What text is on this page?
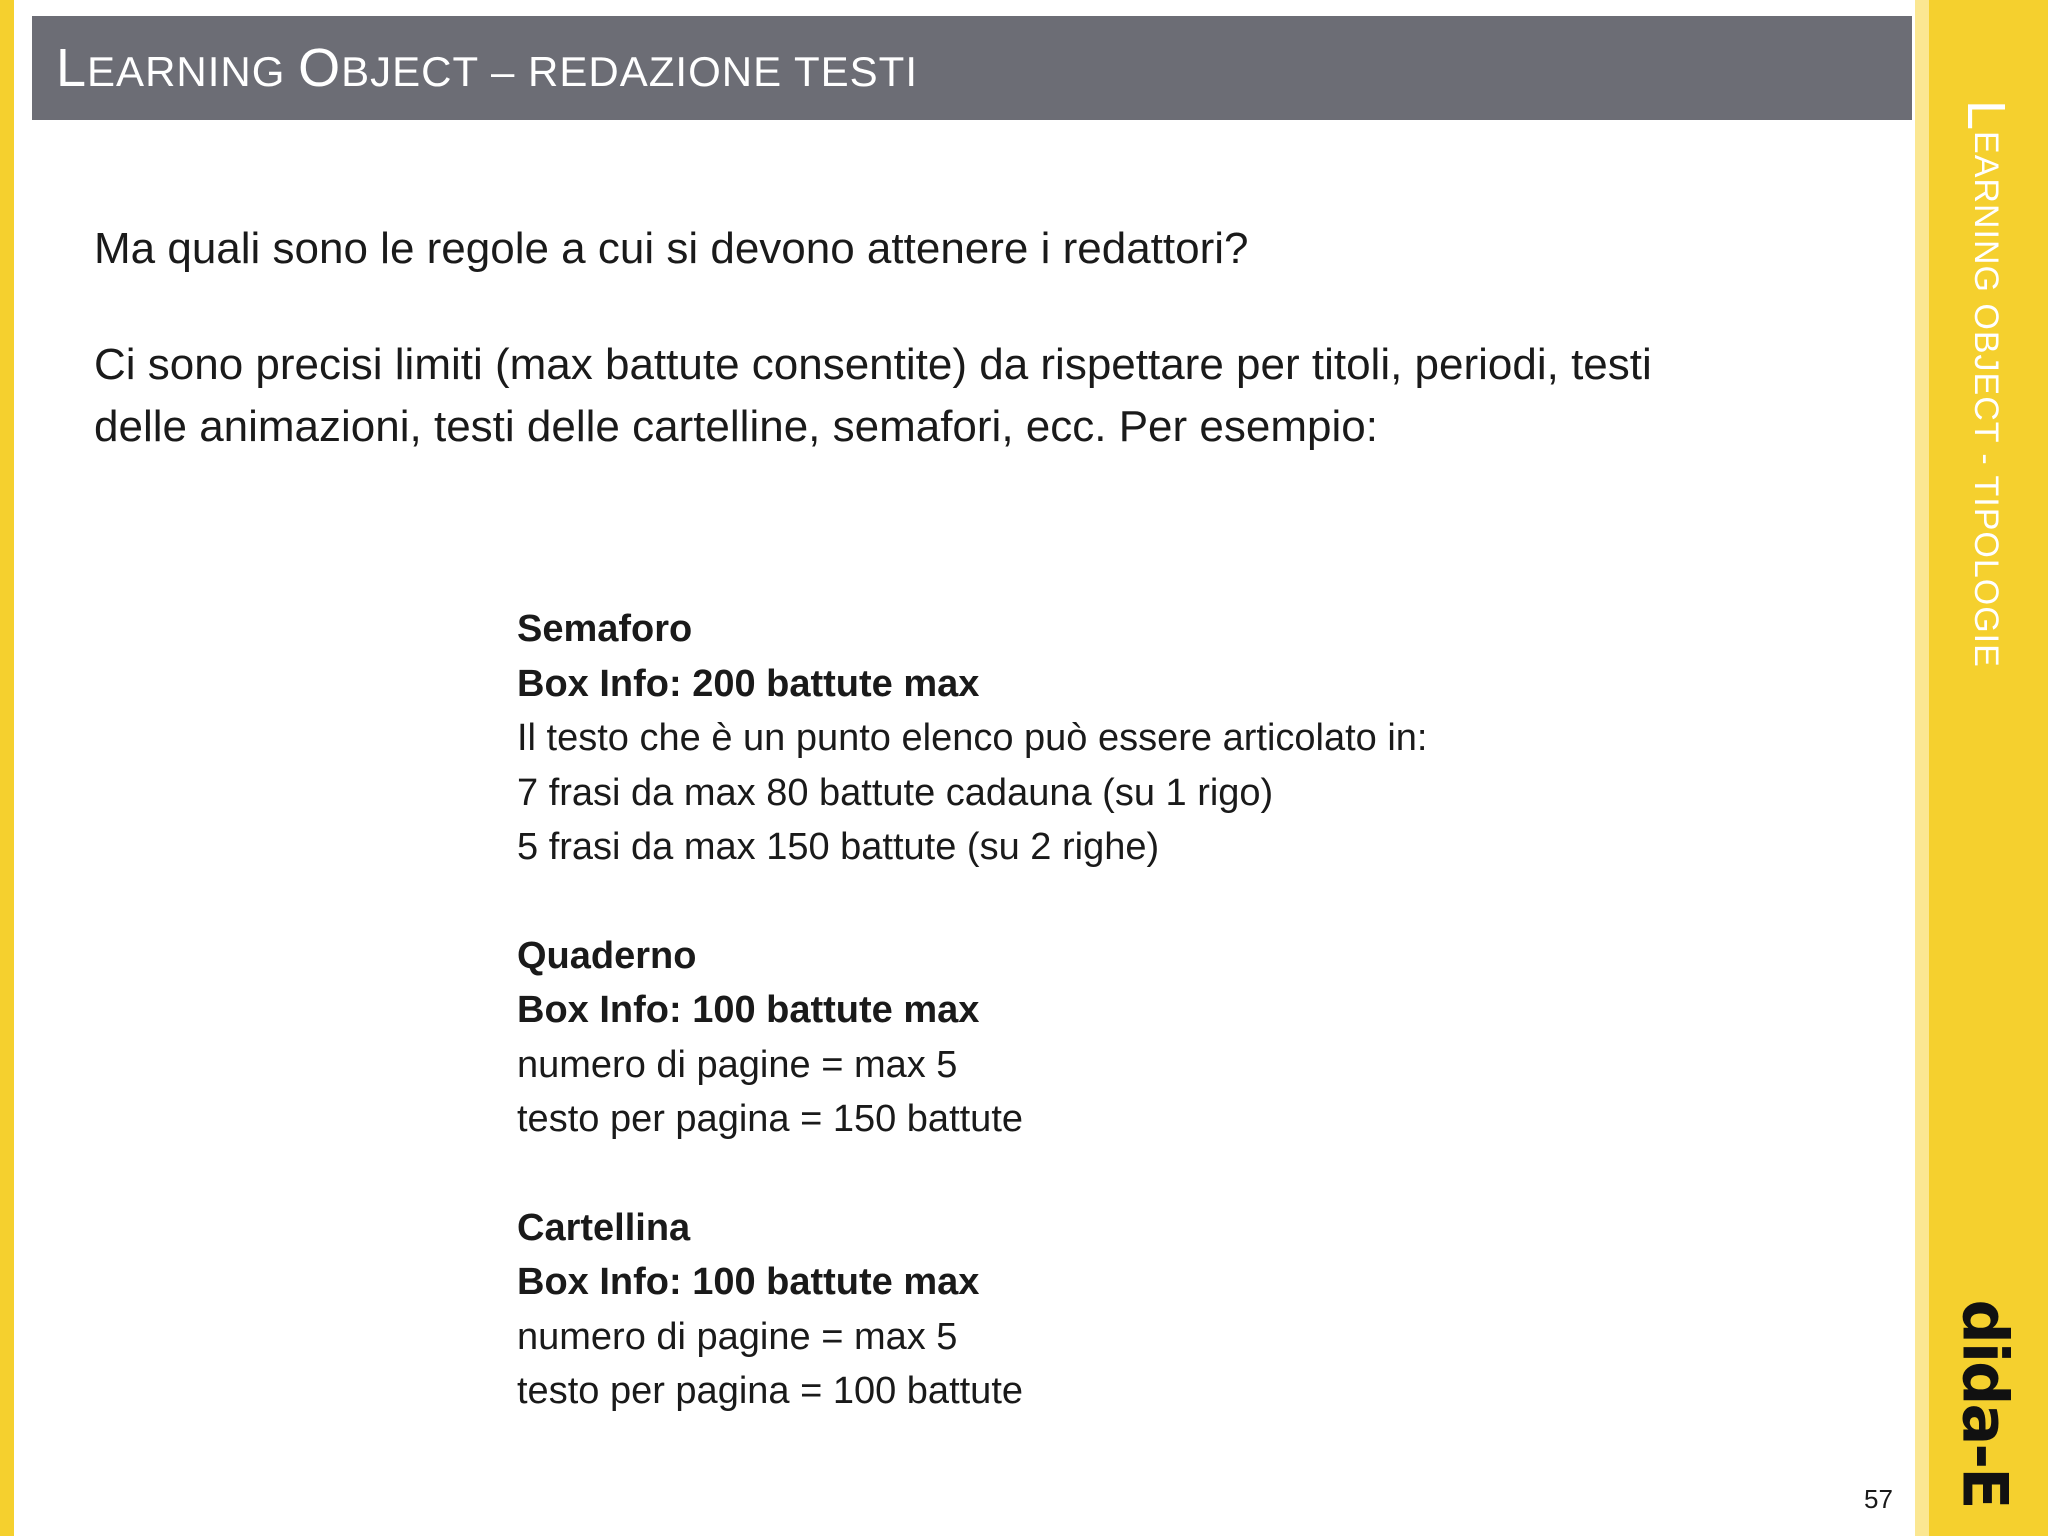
LEARNING OBJECT – REDAZIONE TESTI

Ma quali sono le regole a cui si devono attenere i redattori?

Ci sono precisi limiti (max battute consentite) da rispettare per titoli, periodi, testi
delle animazioni, testi delle cartelline, semafori, ecc. Per esempio:

Semaforo
Box Info: 200 battute max
Il testo che è un punto elenco può essere articolato in:
7 frasi da max 80 battute cadauna (su 1 rigo)
5 frasi da max 150 battute (su 2 righe)
Quaderno
Box Info: 100 battute max
numero di pagine = max 5
testo per pagina = 150 battute
Cartellina
Box Info: 100 battute max
numero di pagine = max 5
testo per pagina = 100 battute
LEARNING OBJECT - TIPOLOGIE
dida-E
57
